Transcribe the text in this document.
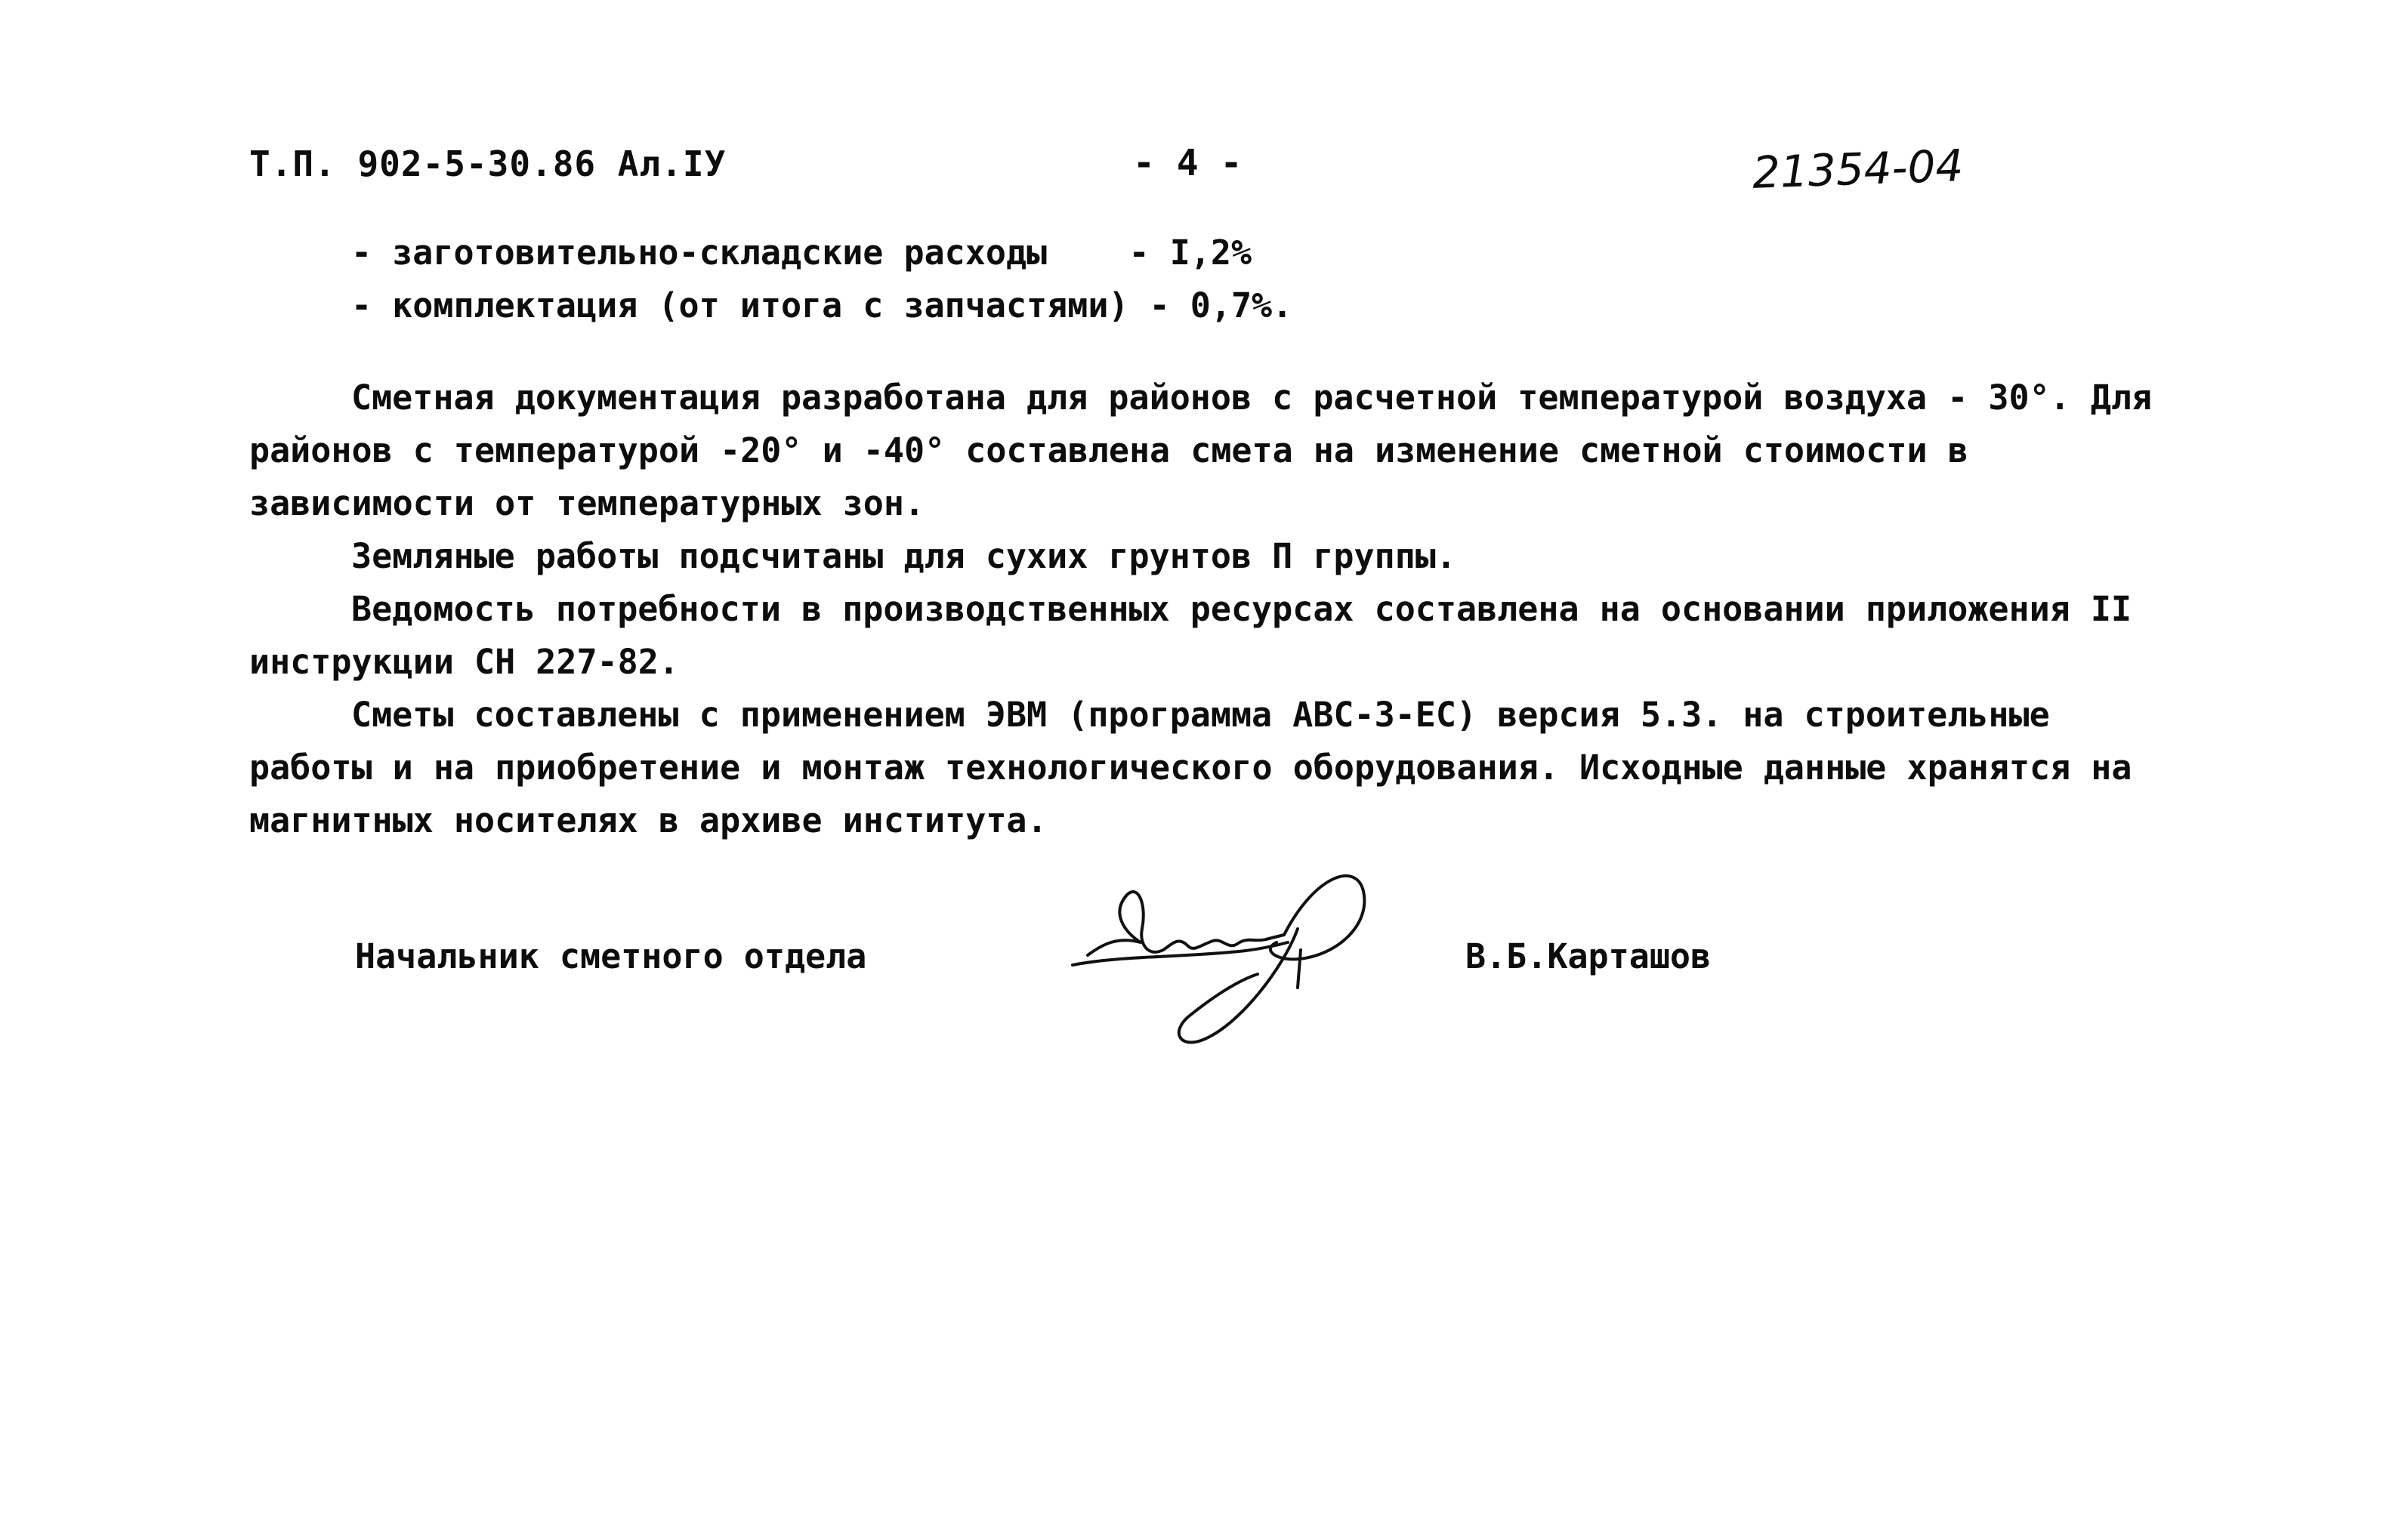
Т.П. 902-5-30.86 Ал.IУ	- 4 -	21354-04
- заготовительно-складские расходы    - I,2%
- комплектация (от итога с запчастями) - 0,7%.

Сметная документация разработана для районов с расчетной температурой воздуха - 30°. Для районов с температурой -20° и -40° составлена смета на изменение сметной стоимости в зависимости от температурных зон.

Земляные работы подсчитаны для сухих грунтов П группы.

Ведомость потребности в производственных ресурсах составлена на основании приложения II инструкции СН 227-82.

Сметы составлены с применением ЭВМ (программа АВС-3-ЕС) версия 5.3. на строительные работы и на приобретение и монтаж технологического оборудования. Исходные данные хранятся на магнитных носителях в архиве института.

Начальник сметного отдела	В.Б.Карташов
